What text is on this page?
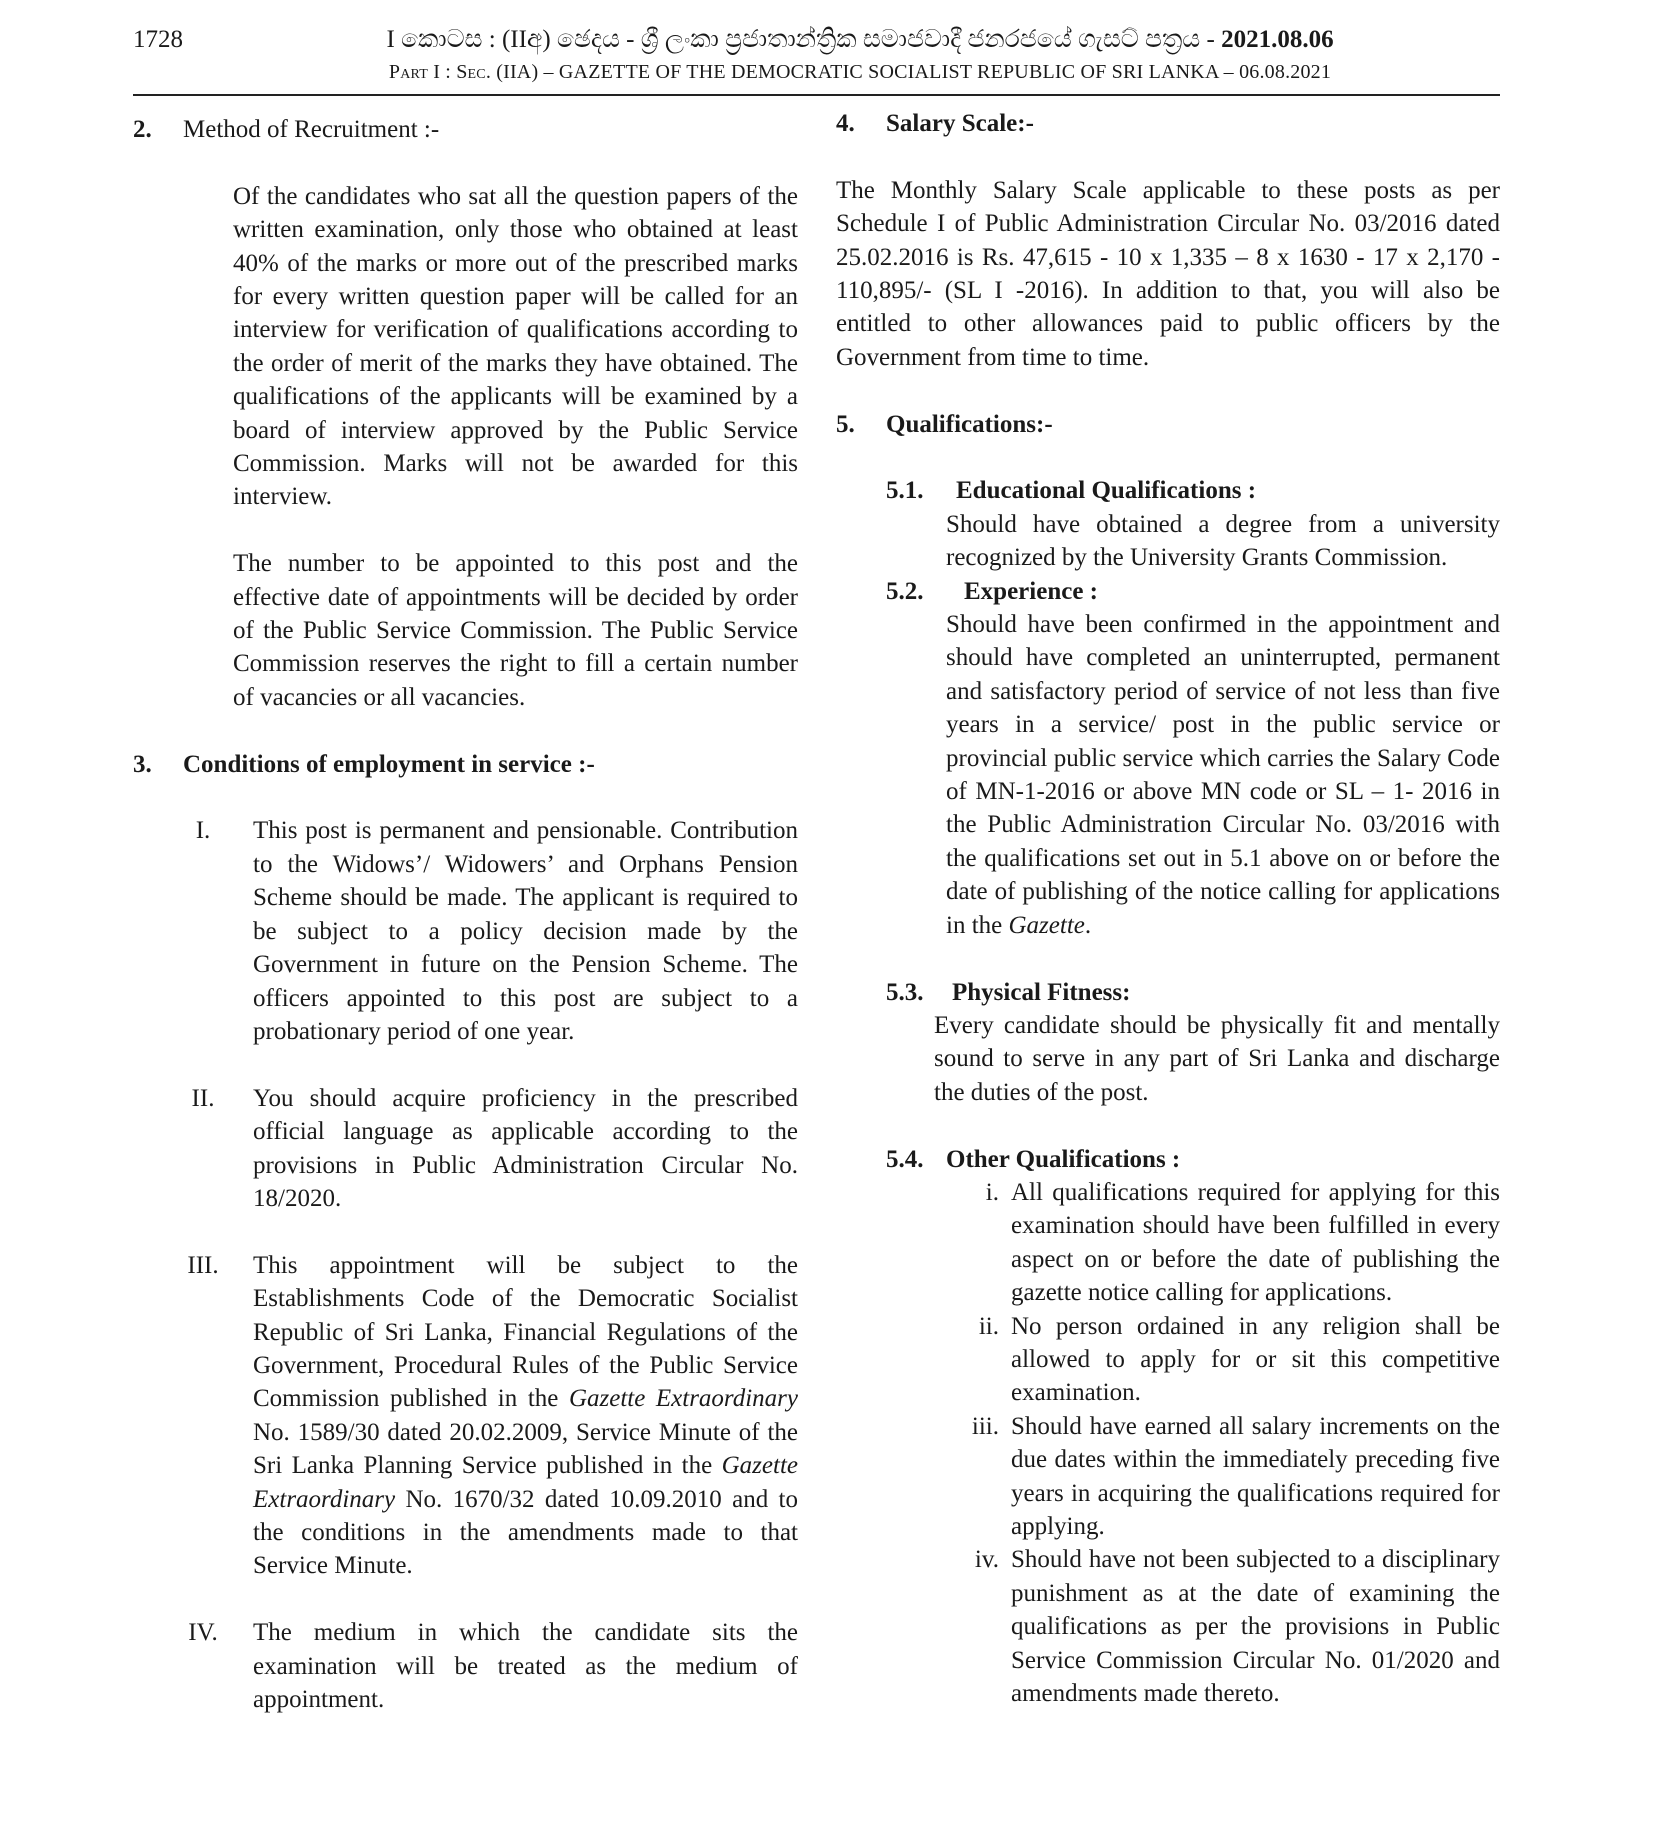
1728	I කොටස : (IIඅ) ඡෙදය - ශ්‍රී ලංකා ප්‍රජාතාන්ත්‍රික සමාජවාදී ජනරජයේ ගැසට් පත්‍රය - 2021.08.06
Part I : Sec. (IIA) – GAZETTE OF THE DEMOCRATIC SOCIALIST REPUBLIC OF SRI LANKA – 06.08.2021
2.	Method of Recruitment :-

Of the candidates who sat all the question papers of the written examination, only those who obtained at least 40% of the marks or more out of the prescribed marks for every written question paper will be called for an interview for verification of qualifications according to the order of merit of the marks they have obtained. The qualifications of the applicants will be examined by a board of interview approved by the Public Service Commission. Marks will not be awarded for this interview.

The number to be appointed to this post and the effective date of appointments will be decided by order of the Public Service Commission. The Public Service Commission reserves the right to fill a certain number of vacancies or all vacancies.

3.	Conditions of employment in service :-
I.	This post is permanent and pensionable. Contribution to the Widows’/ Widowers’ and Orphans Pension Scheme should be made. The applicant is required to be subject to a policy decision made by the Government in future on the Pension Scheme. The officers appointed to this post are subject to a probationary period of one year.
II.	You should acquire proficiency in the prescribed official language as applicable according to the provisions in Public Administration Circular No. 18/2020.
III.	This appointment will be subject to the Establishments Code of the Democratic Socialist Republic of Sri Lanka, Financial Regulations of the Government, Procedural Rules of the Public Service Commission published in the Gazette Extraordinary No. 1589/30 dated 20.02.2009, Service Minute of the Sri Lanka Planning Service published in the Gazette Extraordinary No. 1670/32 dated 10.09.2010 and to the conditions in the amendments made to that Service Minute.
IV.	The medium in which the candidate sits the examination will be treated as the medium of appointment.
4.	Salary Scale:-

The Monthly Salary Scale applicable to these posts as per Schedule I of Public Administration Circular No. 03/2016 dated 25.02.2016 is Rs. 47,615 - 10 x 1,335 – 8 x 1630 - 17 x 2,170 - 110,895/- (SL I -2016). In addition to that, you will also be entitled to other allowances paid to public officers by the Government from time to time.

5.	Qualifications:-
5.1.	Educational Qualifications :
Should have obtained a degree from a university recognized by the University Grants Commission.
5.2.	Experience :
Should have been confirmed in the appointment and should have completed an uninterrupted, permanent and satisfactory period of service of not less than five years in a service/ post in the public service or provincial public service which carries the Salary Code of MN-1-2016 or above MN code or SL – 1- 2016 in the Public Administration Circular No. 03/2016 with the qualifications set out in 5.1 above on or before the date of publishing of the notice calling for applications in the Gazette.
5.3.	Physical Fitness:
Every candidate should be physically fit and mentally sound to serve in any part of Sri Lanka and discharge the duties of the post.
5.4. Other Qualifications :
i. All qualifications required for applying for this examination should have been fulfilled in every aspect on or before the date of publishing the gazette notice calling for applications.
ii. No person ordained in any religion shall be allowed to apply for or sit this competitive examination.
iii. Should have earned all salary increments on the due dates within the immediately preceding five years in acquiring the qualifications required for applying.
iv. Should have not been subjected to a disciplinary punishment as at the date of examining the qualifications as per the provisions in Public Service Commission Circular No. 01/2020 and amendments made thereto.
